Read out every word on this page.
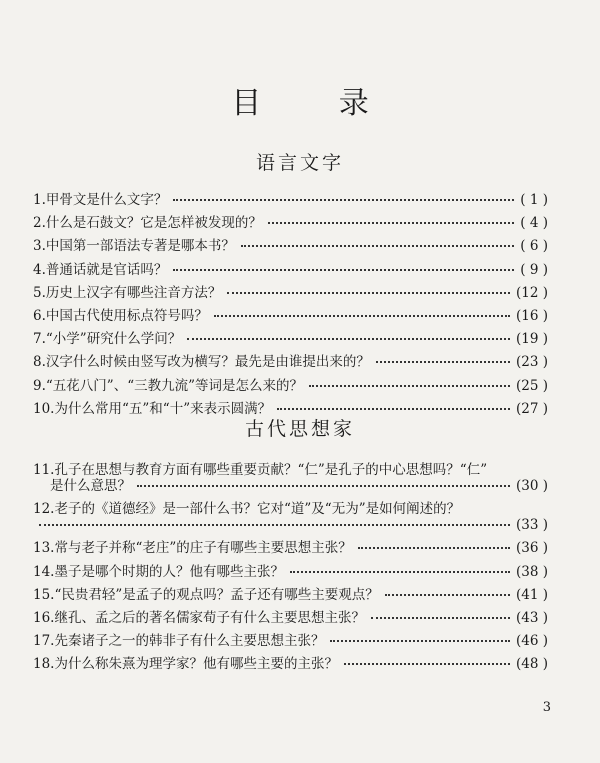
目 录
语言文字
1. 甲骨文是什么文字？	( 1 )
2. 什么是石鼓文？它是怎样被发现的？	( 4 )
3. 中国第一部语法专著是哪本书？	( 6 )
4. 普通话就是官话吗？	( 9 )
5. 历史上汉字有哪些注音方法？	(12 )
6. 中国古代使用标点符号吗？	(16 )
7. “小学”研究什么学问？	(19 )
8. 汉字什么时候由竖写改为横写？最先是由谁提出来的？	(23 )
9. “五花八门”、“三教九流”等词是怎么来的？	(25 )
10. 为什么常用“五”和“十”来表示圆满？	(27 )
古代思想家
11. 孔子在思想与教育方面有哪些重要贡献？“仁”是孔子的中心思想吗？“仁”
是什么意思？	(30 )
12. 老子的《道德经》是一部什么书？它对“道”及“无为”是如何阐述的？
(33 )
13. 常与老子并称“老庄”的庄子有哪些主要思想主张？	(36 )
14. 墨子是哪个时期的人？他有哪些主张？	(38 )
15. “民贵君轻”是孟子的观点吗？孟子还有哪些主要观点？	(41 )
16. 继孔、孟之后的著名儒家荀子有什么主要思想主张？	(43 )
17. 先秦诸子之一的韩非子有什么主要思想主张？	(46 )
18. 为什么称朱熹为理学家？他有哪些主要的主张？	(48 )
3
